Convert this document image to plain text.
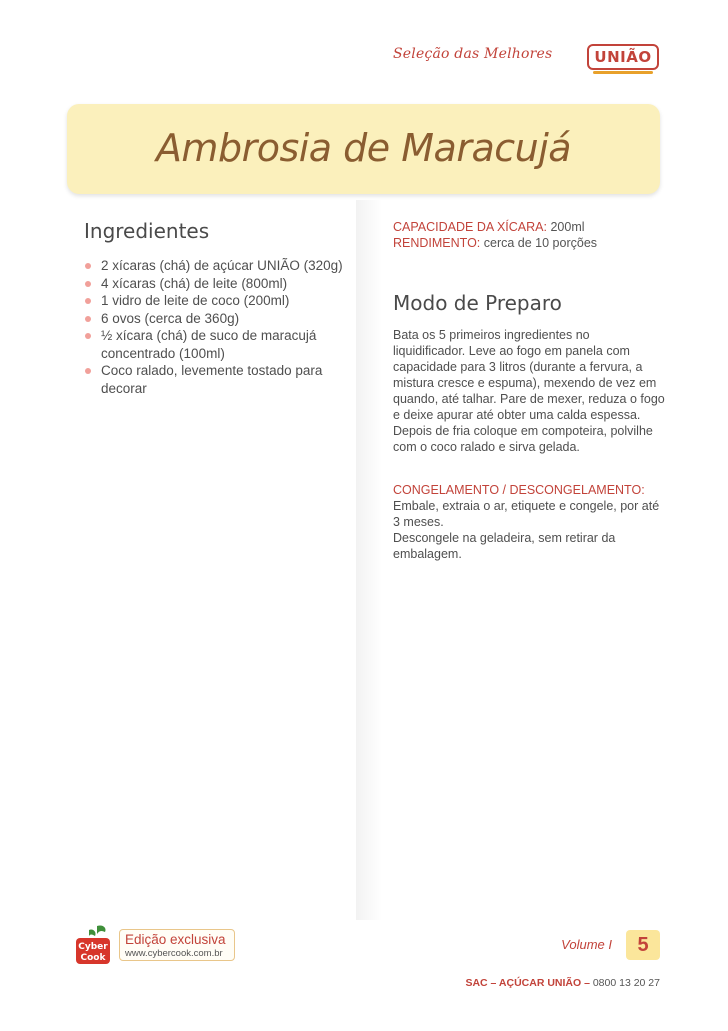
Seleção das Melhores	UNIÃO
Ambrosia de Maracujá
Ingredientes
2 xícaras (chá) de açúcar UNIÃO (320g)
4 xícaras (chá) de leite (800ml)
1 vidro de leite de coco (200ml)
6 ovos (cerca de 360g)
½ xícara (chá) de suco de maracujá concentrado (100ml)
Coco ralado, levemente tostado para decorar
CAPACIDADE DA XÍCARA: 200ml
RENDIMENTO: cerca de 10 porções
Modo de Preparo

Bata os 5 primeiros ingredientes no liquidificador. Leve ao fogo em panela com capacidade para 3 litros (durante a fervura, a mistura cresce e espuma), mexendo de vez em quando, até talhar. Pare de mexer, reduza o fogo e deixe apurar até obter uma calda espessa.

Depois de fria coloque em compoteira, polvilhe com o coco ralado e sirva gelada.

CONGELAMENTO / DESCONGELAMENTO:

Embale, extraia o ar, etiquete e congele, por até 3 meses.

Descongele na geladeira, sem retirar da embalagem.

Cyber
Cook
Edição exclusiva
www.cybercook.com.br
Volume I 5
SAC – AÇÚCAR UNIÃO – 0800 13 20 27
